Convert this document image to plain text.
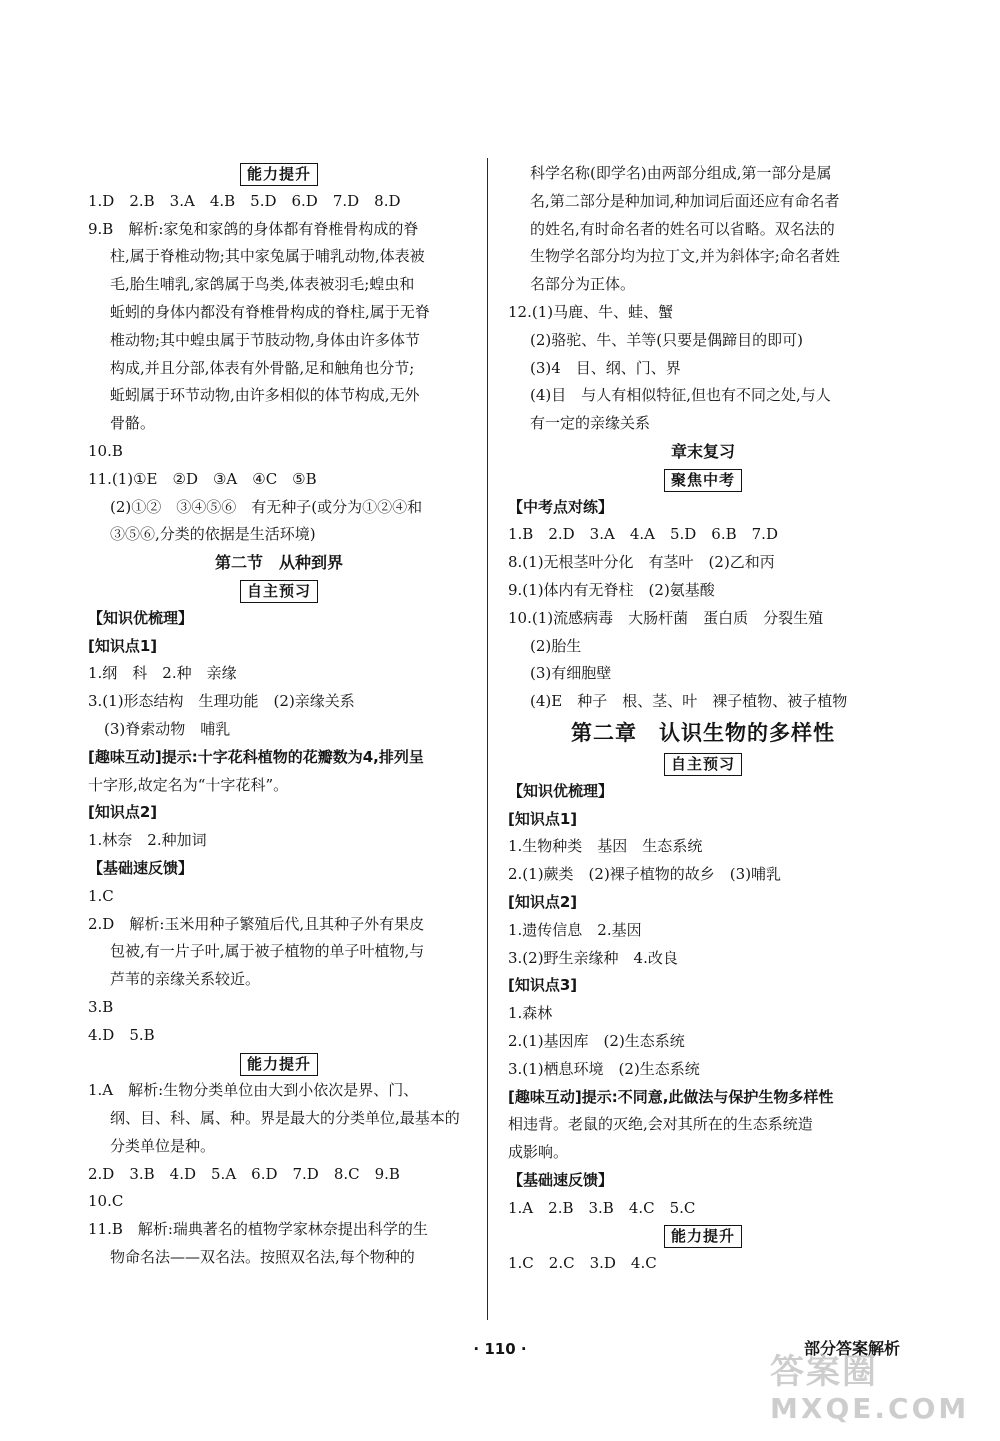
能力提升
1.D　2.B　3.A　4.B　5.D　6.D　7.D　8.D
9.B　解析:家兔和家鸽的身体都有脊椎骨构成的脊
柱,属于脊椎动物;其中家兔属于哺乳动物,体表被
毛,胎生哺乳,家鸽属于鸟类,体表被羽毛;蝗虫和
蚯蚓的身体内都没有脊椎骨构成的脊柱,属于无脊
椎动物;其中蝗虫属于节肢动物,身体由许多体节
构成,并且分部,体表有外骨骼,足和触角也分节;
蚯蚓属于环节动物,由许多相似的体节构成,无外
骨骼。
10.B
11.(1)①E　②D　③A　④C　⑤B
(2)①②　③④⑤⑥　有无种子(或分为①②④和
③⑤⑥,分类的依据是生活环境)
第二节　从种到界
自主预习
【知识优梳理】
[知识点1]
1.纲　科　2.种　亲缘
3.(1)形态结构　生理功能　(2)亲缘关系
(3)脊索动物　哺乳
[趣味互动]提示:十字花科植物的花瓣数为4,排列呈
十字形,故定名为“十字花科”。
[知识点2]
1.林奈　2.种加词
【基础速反馈】
1.C
2.D　解析:玉米用种子繁殖后代,且其种子外有果皮
包被,有一片子叶,属于被子植物的单子叶植物,与
芦苇的亲缘关系较近。
3.B
4.D　5.B
能力提升
1.A　解析:生物分类单位由大到小依次是界、门、
纲、目、科、属、种。界是最大的分类单位,最基本的
分类单位是种。
2.D　3.B　4.D　5.A　6.D　7.D　8.C　9.B
10.C
11.B　解析:瑞典著名的植物学家林奈提出科学的生
物命名法——双名法。按照双名法,每个物种的
科学名称(即学名)由两部分组成,第一部分是属
名,第二部分是种加词,种加词后面还应有命名者
的姓名,有时命名者的姓名可以省略。双名法的
生物学名部分均为拉丁文,并为斜体字;命名者姓
名部分为正体。
12.(1)马鹿、牛、蛙、蟹
(2)骆驼、牛、羊等(只要是偶蹄目的即可)
(3)4　目、纲、门、界
(4)目　与人有相似特征,但也有不同之处,与人
有一定的亲缘关系
章末复习
聚焦中考
【中考点对练】
1.B　2.D　3.A　4.A　5.D　6.B　7.D
8.(1)无根茎叶分化　有茎叶　(2)乙和丙
9.(1)体内有无脊柱　(2)氨基酸
10.(1)流感病毒　大肠杆菌　蛋白质　分裂生殖
(2)胎生
(3)有细胞壁
(4)E　种子　根、茎、叶　裸子植物、被子植物
第二章　认识生物的多样性
自主预习
【知识优梳理】
[知识点1]
1.生物种类　基因　生态系统
2.(1)蕨类　(2)裸子植物的故乡　(3)哺乳
[知识点2]
1.遗传信息　2.基因
3.(2)野生亲缘种　4.改良
[知识点3]
1.森林
2.(1)基因库　(2)生态系统
3.(1)栖息环境　(2)生态系统
[趣味互动]提示:不同意,此做法与保护生物多样性
相违背。老鼠的灭绝,会对其所在的生态系统造
成影响。
【基础速反馈】
1.A　2.B　3.B　4.C　5.C
能力提升
1.C　2.C　3.D　4.C
· 110 ·	部分答案解析
答案圈
MXQE.COM
